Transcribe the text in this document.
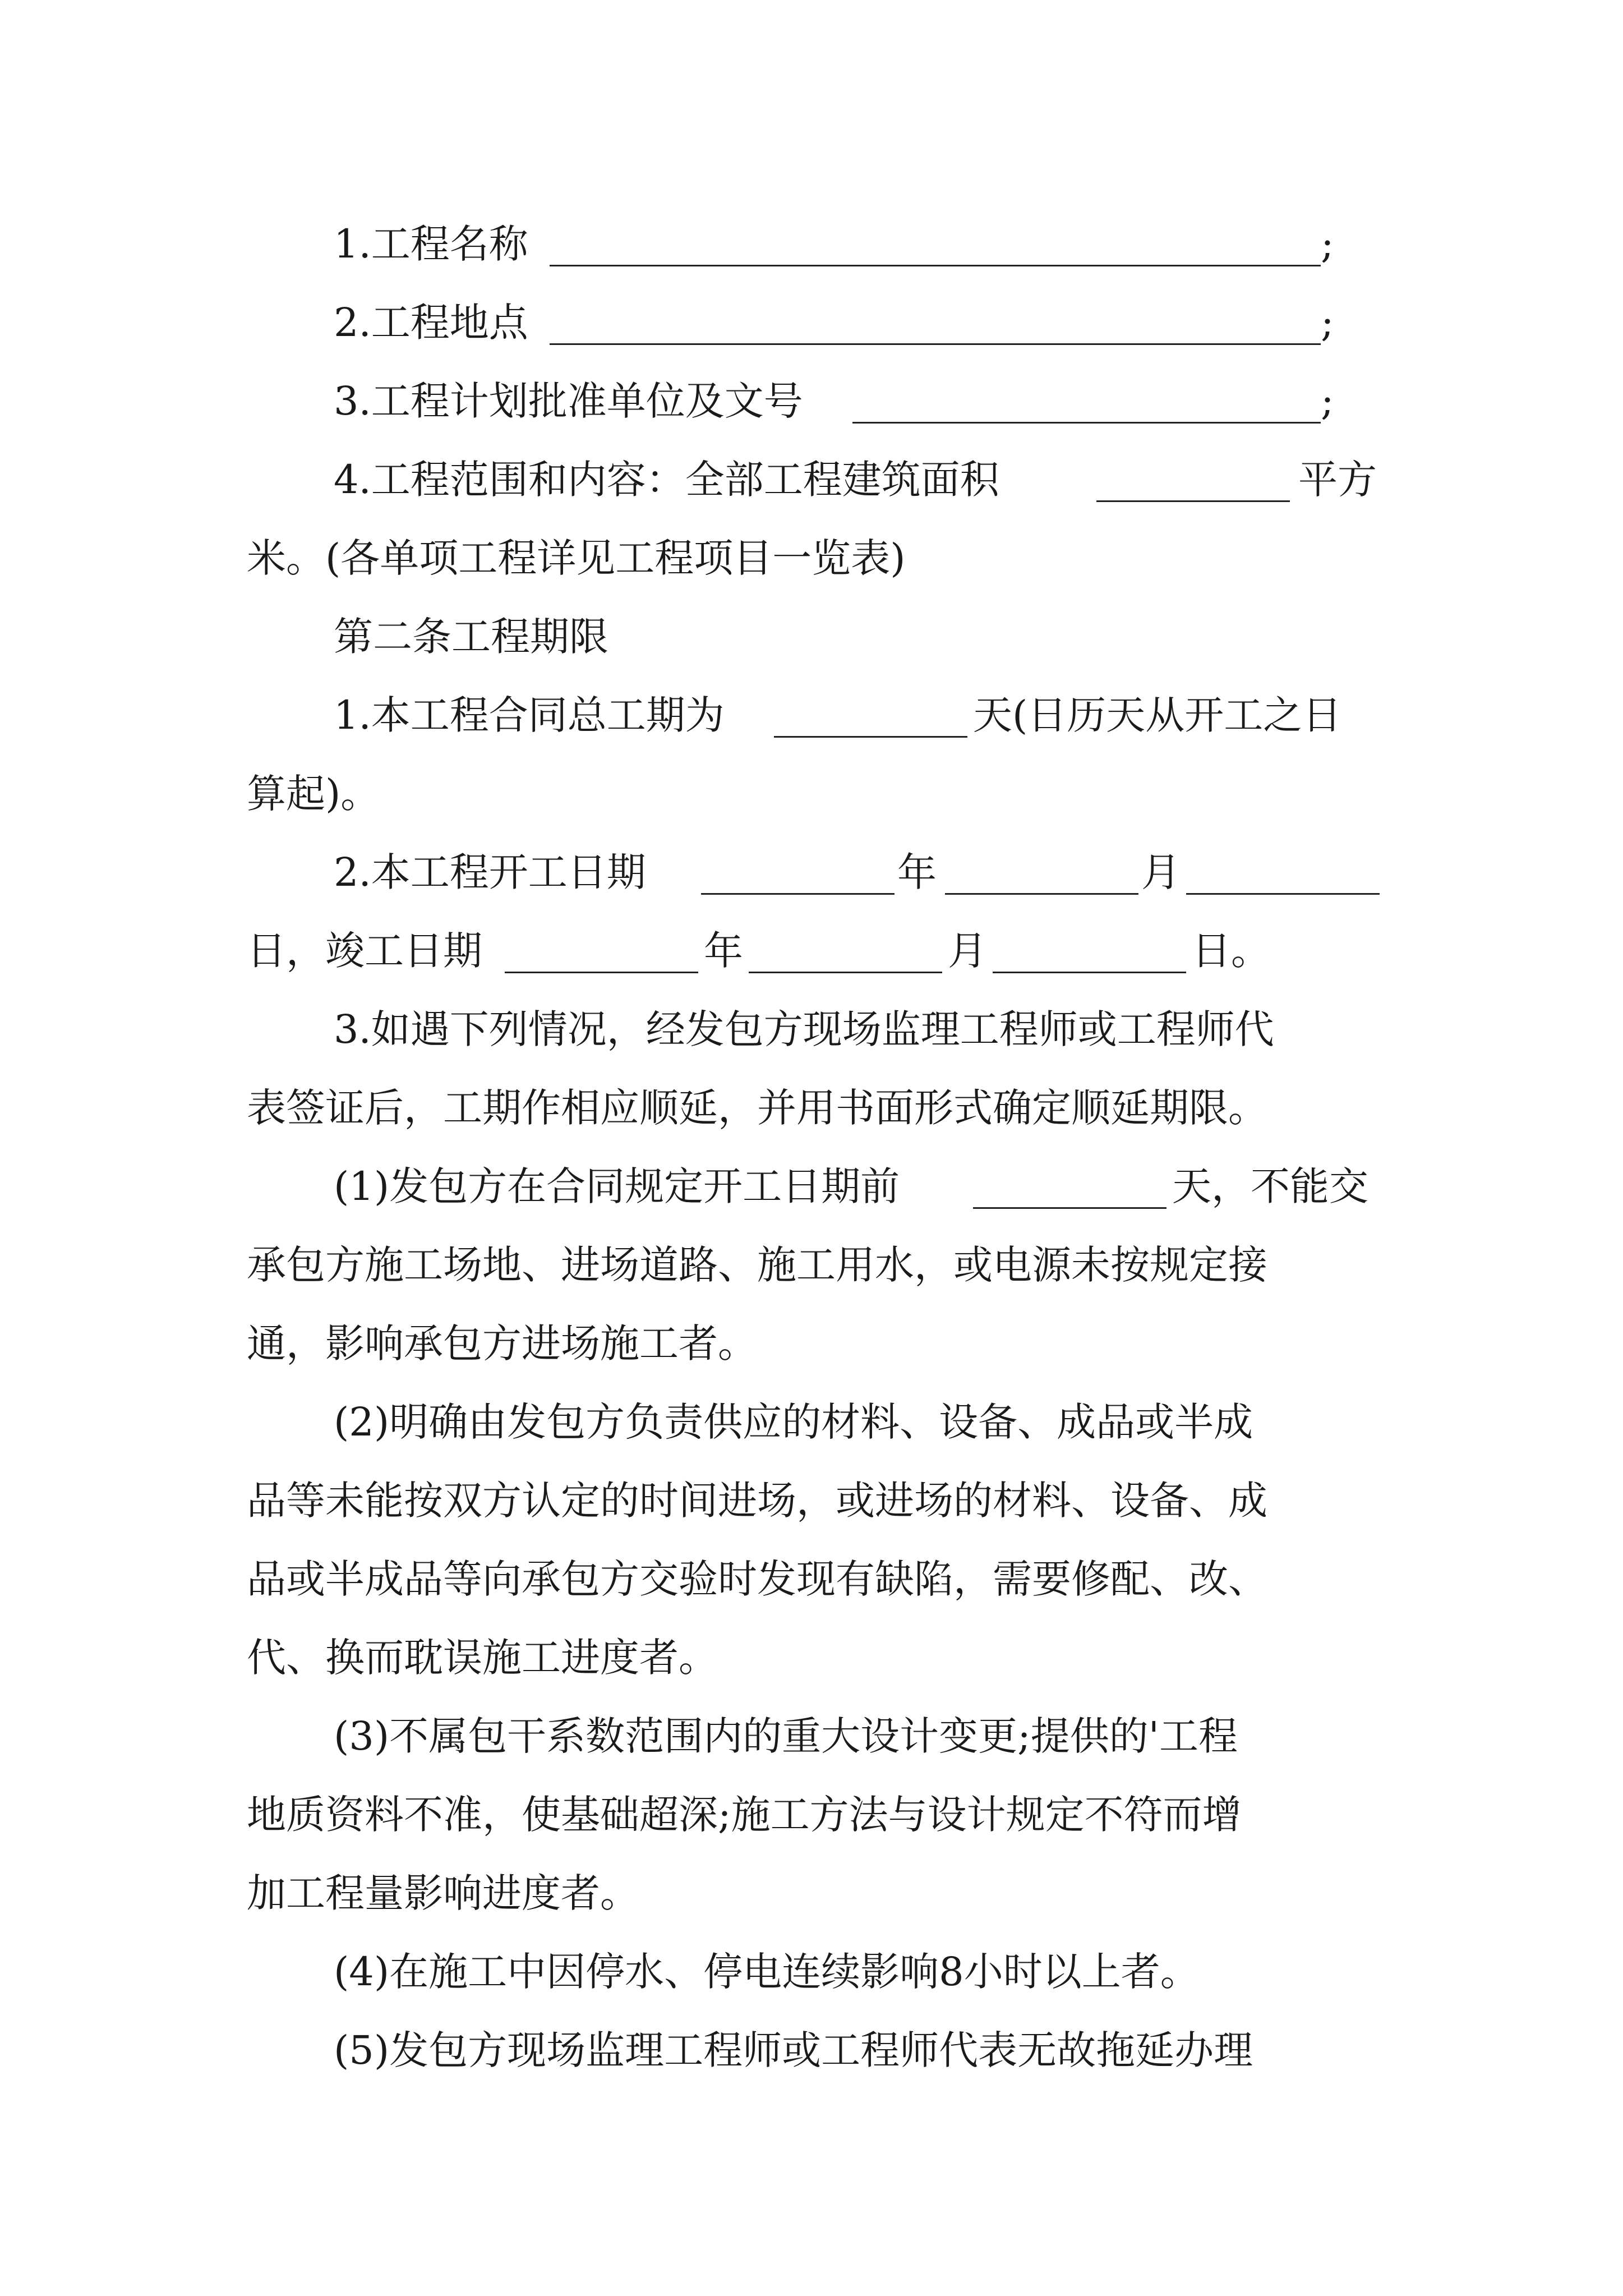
1.工程名称	;
2.工程地点	;
3.工程计划批准单位及文号	;
4.工程范围和内容：全部工程建筑面积	平方
米。(各单项工程详见工程项目一览表)
第二条工程期限
1.本工程合同总工期为	天(日历天从开工之日
算起)。
2.本工程开工日期	年	月
日，竣工日期	年	月	日。
3.如遇下列情况，经发包方现场监理工程师或工程师代
表签证后，工期作相应顺延，并用书面形式确定顺延期限。
(1)发包方在合同规定开工日期前	天，不能交
承包方施工场地、进场道路、施工用水，或电源未按规定接
通，影响承包方进场施工者。
(2)明确由发包方负责供应的材料、设备、成品或半成
品等未能按双方认定的时间进场，或进场的材料、设备、成
品或半成品等向承包方交验时发现有缺陷，需要修配、改、
代、换而耽误施工进度者。
(3)不属包干系数范围内的重大设计变更;提供的'工程
地质资料不准，使基础超深;施工方法与设计规定不符而增
加工程量影响进度者。
(4)在施工中因停水、停电连续影响8小时以上者。
(5)发包方现场监理工程师或工程师代表无故拖延办理
